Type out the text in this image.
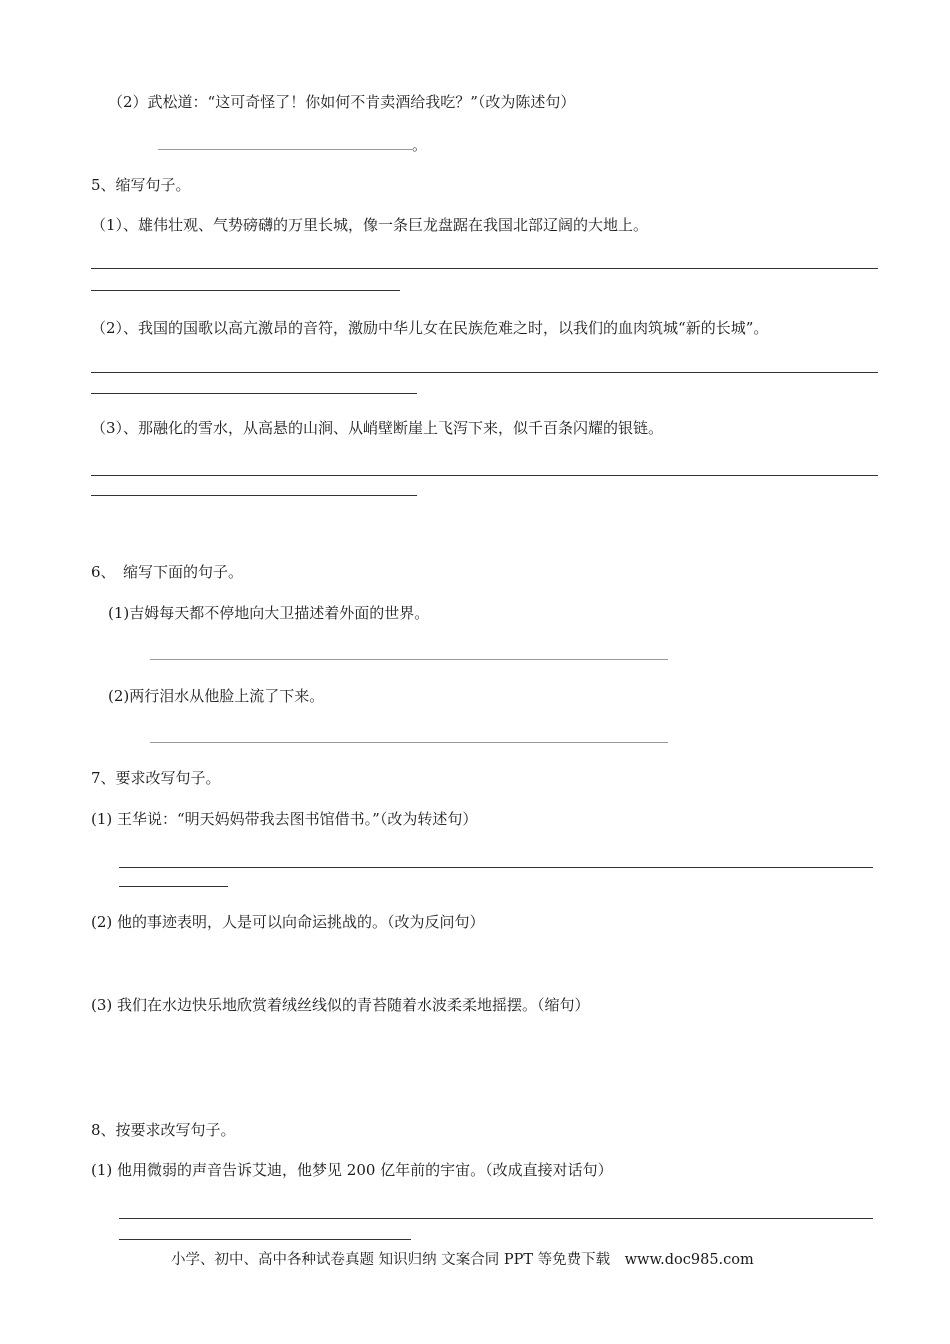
（2）武松道：“这可奇怪了！你如何不肯卖酒给我吃？”（改为陈述句）
。
5、缩写句子。
（1）、雄伟壮观、气势磅礴的万里长城，像一条巨龙盘踞在我国北部辽阔的大地上。
（2）、我国的国歌以高亢激昂的音符，激励中华儿女在民族危难之时，以我们的血肉筑城“新的长城”。
（3）、那融化的雪水，从高悬的山涧、从峭壁断崖上飞泻下来，似千百条闪耀的银链。
6、　缩写下面的句子。
(1)吉姆每天都不停地向大卫描述着外面的世界。
(2)两行泪水从他脸上流了下来。
7、要求改写句子。
(1) 王华说：“明天妈妈带我去图书馆借书。”（改为转述句）
(2) 他的事迹表明，人是可以向命运挑战的。（改为反问句）
(3) 我们在水边快乐地欣赏着绒丝线似的青苔随着水波柔柔地摇摆。（缩句）
8、按要求改写句子。
(1) 他用微弱的声音告诉艾迪，他梦见 200 亿年前的宇宙。（改成直接对话句）
小学、初中、高中各种试卷真题 知识归纳 文案合同 PPT 等免费下载　www.doc985.com
